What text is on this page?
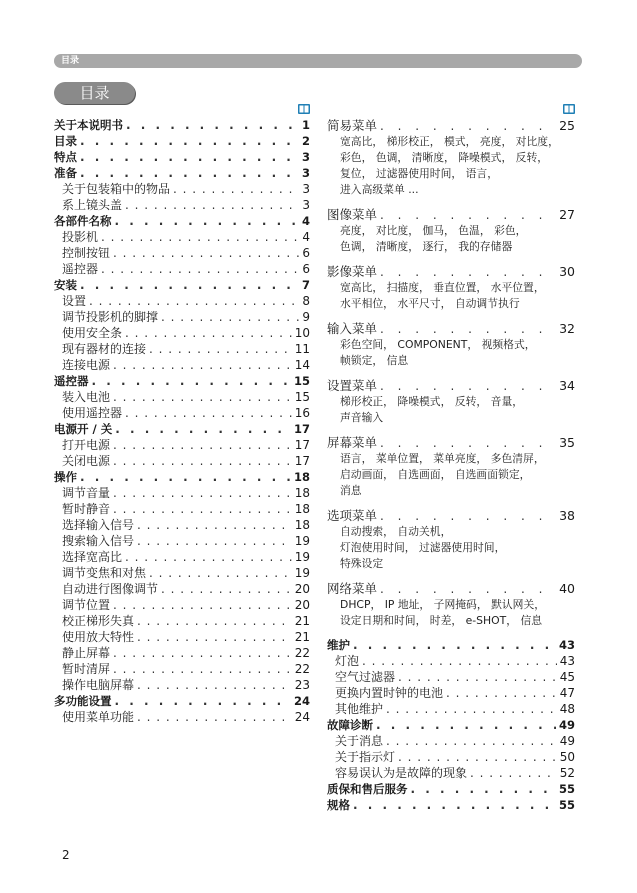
目录
目录
关于本说明书 . . .	1
目录 . . .	2
特点 . . .	3
准备 . . .	3
关于包装箱中的物品 . . .	3
系上镜头盖 . . .	3
各部件名称 . . .	4
投影机 . . .	4
控制按钮 . . .	6
遥控器 . . .	6
安装 . . .	7
设置 . . .	8
调节投影机的脚撑 . . .	9
使用安全条 . . .	10
现有器材的连接 . . .	11
连接电源 . . .	14
遥控器 . . .	15
装入电池 . . .	15
使用遥控器 . . .	16
电源开 / 关 . . .	17
打开电源 . . .	17
关闭电源 . . .	17
操作 . . .	18
调节音量 . . .	18
暂时静音 . . .	18
选择输入信号 . . .	18
搜索输入信号 . . .	19
选择宽高比 . . .	19
调节变焦和对焦 . . .	19
自动进行图像调节 . . .	20
调节位置 . . .	20
校正梯形失真 . . .	21
使用放大特性 . . .	21
静止屏幕 . . .	22
暂时清屏 . . .	22
操作电脑屏幕 . . .	23
多功能设置 . . .	24
使用菜单功能 . . .	24
简易菜单 . . .	25
宽高比， 梯形校正， 模式， 亮度， 对比度，
彩色， 色调， 清晰度， 降噪模式， 反转，
复位， 过滤器使用时间， 语言，
进入高级菜单 ...
图像菜单 . . .	27
亮度， 对比度， 伽马， 色温， 彩色，
色调， 清晰度， 逐行， 我的存储器
影像菜单 . . .	30
宽高比， 扫描度， 垂直位置， 水平位置，
水平相位， 水平尺寸， 自动调节执行
输入菜单 . . .	32
彩色空间， COMPONENT， 视频格式，
帧锁定， 信息
设置菜单 . . .	34
梯形校正， 降噪模式， 反转， 音量，
声音输入
屏幕菜单 . . .	35
语言， 菜单位置， 菜单亮度， 多色清屏，
启动画面， 自选画面， 自选画面锁定，
消息
选项菜单 . . .	38
自动搜索， 自动关机，
灯泡使用时间， 过滤器使用时间，
特殊设定
网络菜单 . . .	40
DHCP， IP 地址， 子网掩码， 默认网关，
设定日期和时间， 时差， e-SHOT， 信息
维护 . . .	43
灯泡 . . .	43
空气过滤器 . . .	45
更换内置时钟的电池 . . .	47
其他维护 . . .	48
故障诊断 . . .	49
关于消息 . . .	49
关于指示灯 . . .	50
容易误认为是故障的现象 . . .	52
质保和售后服务 . . .	55
规格 . . .	55
2
